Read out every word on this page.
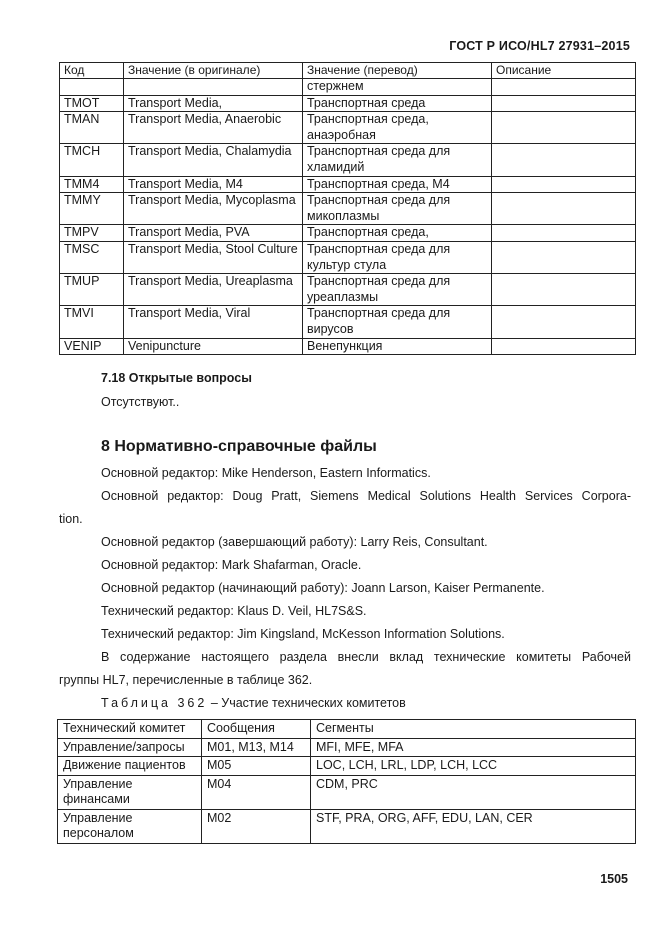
ГОСТ Р ИСО/HL7 27931–2015
Код	Значение (в оригинале)	Значение (перевод)	Описание
		стержнем	
TMOT	Transport Media,	Транспортная среда	
TMAN	Transport Media, Anaerobic	Транспортная среда, анаэробная	
TMCH	Transport Media, Chalamydia	Транспортная среда для хламидий	
TMM4	Transport Media, M4	Транспортная среда, M4	
TMMY	Transport Media, Mycoplasma	Транспортная среда для микоплазмы	
TMPV	Transport Media, PVA	Транспортная среда,	
TMSC	Transport Media, Stool Culture	Транспортная среда для культур стула	
TMUP	Transport Media, Ureaplasma	Транспортная среда для уреаплазмы	
TMVI	Transport Media, Viral	Транспортная среда для вирусов	
VENIP	Venipuncture	Венепункция	
7.18 Открытые вопросы
Отсутствуют..
8 Нормативно-справочные файлы
Основной редактор: Mike Henderson, Eastern Informatics.
Основной редактор: Doug Pratt, Siemens Medical Solutions Health Services Corpora-
tion.
Основной редактор (завершающий работу): Larry Reis, Consultant.
Основной редактор: Mark Shafarman, Oracle.
Основной редактор (начинающий работу): Joann Larson, Kaiser Permanente.
Технический редактор: Klaus D. Veil, HL7S&S.
Технический редактор: Jim Kingsland, McKesson Information Solutions.
В содержание настоящего раздела внесли вклад технические комитеты Рабочей
группы HL7, перечисленные в таблице 362.
Таблица 362 – Участие технических комитетов
Технический комитет	Сообщения	Сегменты
Управление/запросы	M01, M13, M14	MFI, MFE, MFA
Движение пациентов	M05	LOC, LCH, LRL, LDP, LCH, LCC
Управление финансами	M04	CDM, PRC
Управление персоналом	M02	STF, PRA, ORG, AFF, EDU, LAN, CER
1505
